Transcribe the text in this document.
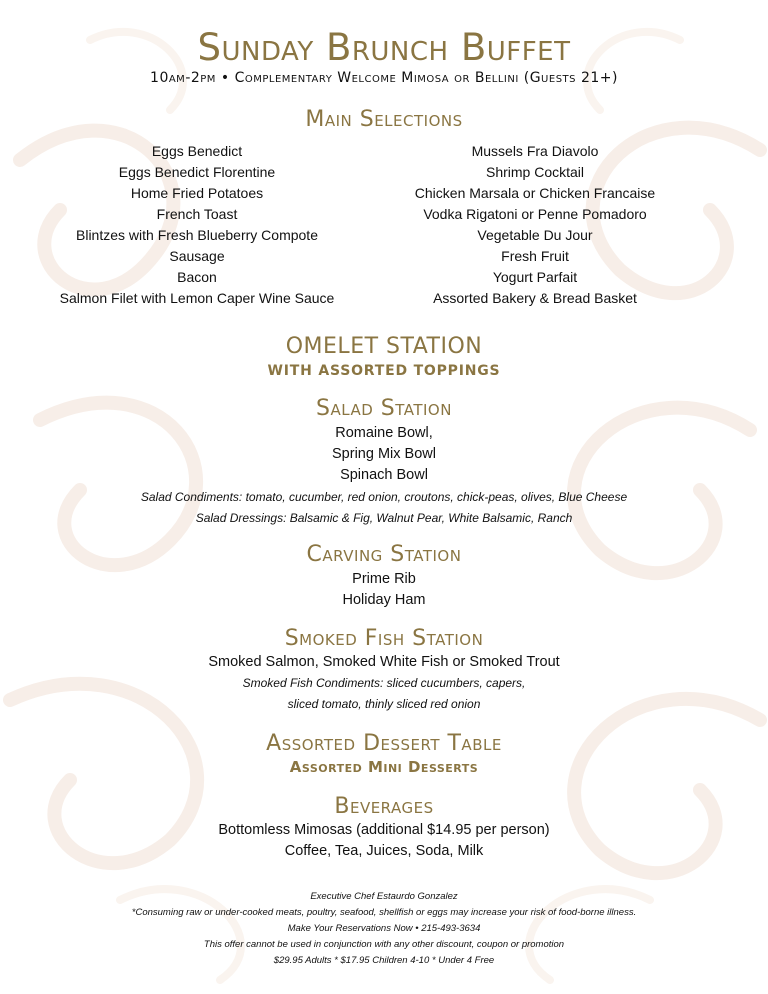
Sunday Brunch Buffet
10am-2pm • Complementary Welcome Mimosa or Bellini (Guests 21+)
Main Selections
Eggs Benedict
Eggs Benedict Florentine
Home Fried Potatoes
French Toast
Blintzes with Fresh Blueberry Compote
Sausage
Bacon
Salmon Filet with Lemon Caper Wine Sauce
Mussels Fra Diavolo
Shrimp Cocktail
Chicken Marsala or Chicken Francaise
Vodka Rigatoni or Penne Pomadoro
Vegetable Du Jour
Fresh Fruit
Yogurt Parfait
Assorted Bakery & Bread Basket
OMELET STATION
WITH ASSORTED TOPPINGS
Salad Station
Romaine Bowl,
Spring Mix Bowl
Spinach Bowl
Salad Condiments: tomato, cucumber, red onion, croutons, chick-peas, olives, Blue Cheese
Salad Dressings: Balsamic & Fig, Walnut Pear, White Balsamic, Ranch
Carving Station
Prime Rib
Holiday Ham
Smoked Fish Station
Smoked Salmon, Smoked White Fish or Smoked Trout
Smoked Fish Condiments: sliced cucumbers, capers,
sliced tomato, thinly sliced red onion
Assorted Dessert Table
Assorted Mini Desserts
Beverages
Bottomless Mimosas (additional $14.95 per person)
Coffee, Tea, Juices, Soda, Milk
Executive Chef Estaurdo Gonzalez
*Consuming raw or under-cooked meats, poultry, seafood, shellfish or eggs may increase your risk of food-borne illness.
Make Your Reservations Now • 215-493-3634
This offer cannot be used in conjunction with any other discount, coupon or promotion
$29.95 Adults * $17.95 Children 4-10 * Under 4 Free
